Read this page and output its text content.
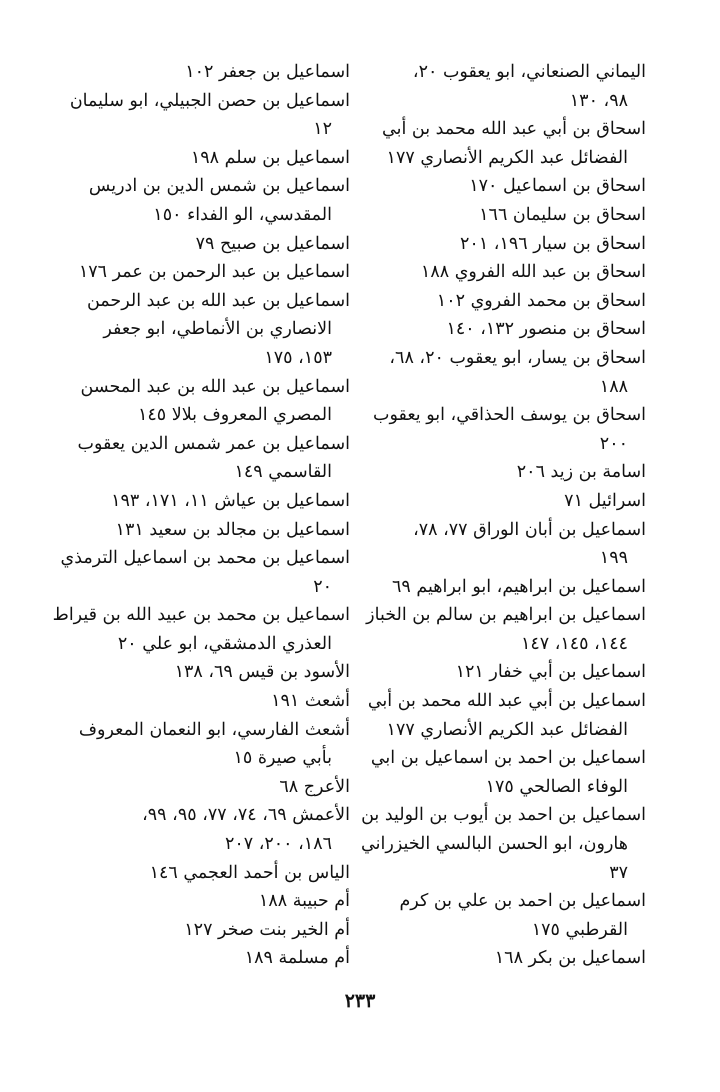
اليماني الصنعاني، ابو يعقوب ٢٠،
٩٨، ١٣٠
اسحاق بن أبي عبد الله محمد بن أبي
الفضائل عبد الكريم الأنصاري ١٧٧
اسحاق بن اسماعيل ١٧٠
اسحاق بن سليمان ١٦٦
اسحاق بن سيار ١٩٦، ٢٠١
اسحاق بن عبد الله الفروي ١٨٨
اسحاق بن محمد الفروي ١٠٢
اسحاق بن منصور ١٣٢، ١٤٠
اسحاق بن يسار، ابو يعقوب ٢٠، ٦٨،
١٨٨
اسحاق بن يوسف الحذاقي، ابو يعقوب
٢٠٠
اسامة بن زيد ٢٠٦
اسرائيل ٧١
اسماعيل بن أبان الوراق ٧٧، ٧٨،
١٩٩
اسماعيل بن ابراهيم، ابو ابراهيم ٦٩
اسماعيل بن ابراهيم بن سالم بن الخباز
١٤٤، ١٤٥، ١٤٧
اسماعيل بن أبي خفار ١٢١
اسماعيل بن أبي عبد الله محمد بن أبي
الفضائل عبد الكريم الأنصاري ١٧٧
اسماعيل بن احمد بن اسماعيل بن ابي
الوفاء الصالحي ١٧٥
اسماعيل بن احمد بن أيوب بن الوليد بن
هارون، ابو الحسن البالسي الخيزراني
٣٧
اسماعيل بن احمد بن علي بن كرم
القرطبي ١٧٥
اسماعيل بن بكر ١٦٨
اسماعيل بن جعفر ١٠٢
اسماعيل بن حصن الجبيلي، ابو سليمان
١٢
اسماعيل بن سلم ١٩٨
اسماعيل بن شمس الدين بن ادريس
المقدسي، الو الفداء ١٥٠
اسماعيل بن صبيح ٧٩
اسماعيل بن عبد الرحمن بن عمر ١٧٦
اسماعيل بن عبد الله بن عبد الرحمن
الانصاري بن الأنماطي، ابو جعفر
١٥٣، ١٧٥
اسماعيل بن عبد الله بن عبد المحسن
المصري المعروف بلالا ١٤٥
اسماعيل بن عمر شمس الدين يعقوب
القاسمي ١٤٩
اسماعيل بن عياش ١١، ١٧١، ١٩٣
اسماعيل بن مجالد بن سعيد ١٣١
اسماعيل بن محمد بن اسماعيل الترمذي
٢٠
اسماعيل بن محمد بن عبيد الله بن قيراط
العذري الدمشقي، ابو علي ٢٠
الأسود بن قيس ٦٩، ١٣٨
أشعث ١٩١
أشعث الفارسي، ابو النعمان المعروف
بأبي صيرة ١٥
الأعرج ٦٨
الأعمش ٦٩، ٧٤، ٧٧، ٩٥، ٩٩،
١٨٦، ٢٠٠، ٢٠٧
الياس بن أحمد العجمي ١٤٦
أم حبيبة ١٨٨
أم الخير بنت صخر ١٢٧
أم مسلمة ١٨٩
٢٣٣
